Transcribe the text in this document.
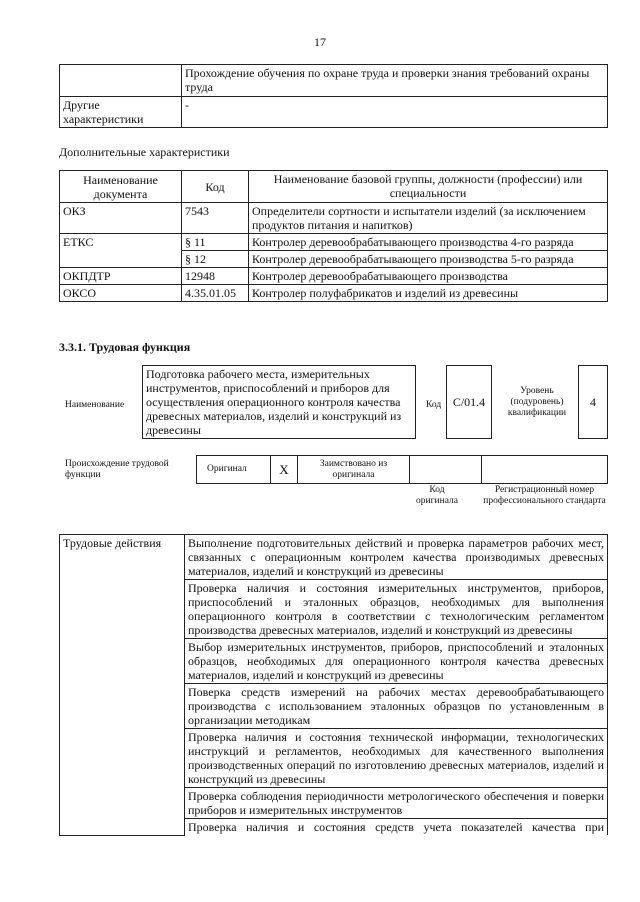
17
	Прохождение обучения по охране труда и проверки знания требований охраны труда
Другие характеристики	-
Дополнительные характеристики
Наименование документа	Код	Наименование базовой группы, должности (профессии) или специальности
ОКЗ	7543	Определители сортности и испытатели изделий (за исключением продуктов питания и напитков)
ЕТКС	§ 11	Контролер деревообрабатывающего производства 4-го разряда
	§ 12	Контролер деревообрабатывающего производства 5-го разряда
ОКПДТР	12948	Контролер деревообрабатывающего производства
ОКСО	4.35.01.05	Контролер полуфабрикатов и изделий из древесины
3.3.1. Трудовая функция
Наименование
Подготовка рабочего места, измерительных инструментов, приспособлений и приборов для осуществления операционного контроля качества древесных материалов, изделий и конструкций из древесины
Код C/01.4
Уровень (подуровень) квалификации
4
Происхождение трудовой функции
Оригинал	X	Заимствовано из оригинала		
Код оригинала
Регистрационный номер профессионального стандарта
Трудовые действия	Выполнение подготовительных действий и проверка параметров рабочих мест, связанных с операционным контролем качества производимых древесных материалов, изделий и конструкций из древесины
Проверка наличия и состояния измерительных инструментов, приборов, приспособлений и эталонных образцов, необходимых для выполнения операционного контроля в соответствии с технологическим регламентом производства древесных материалов, изделий и конструкций из древесины
Выбор измерительных инструментов, приборов, приспособлений и эталонных образцов, необходимых для операционного контроля качества древесных материалов, изделий и конструкций из древесины
Поверка средств измерений на рабочих местах деревообрабатывающего производства с использованием эталонных образцов по установленным в организации методикам
Проверка наличия и состояния технической информации, технологических инструкций и регламентов, необходимых для качественного выполнения производственных операций по изготовлению древесных материалов, изделий и конструкций из древесины
Проверка соблюдения периодичности метрологического обеспечения и поверки приборов и измерительных инструментов
Проверка наличия и состояния средств учета показателей качества при
